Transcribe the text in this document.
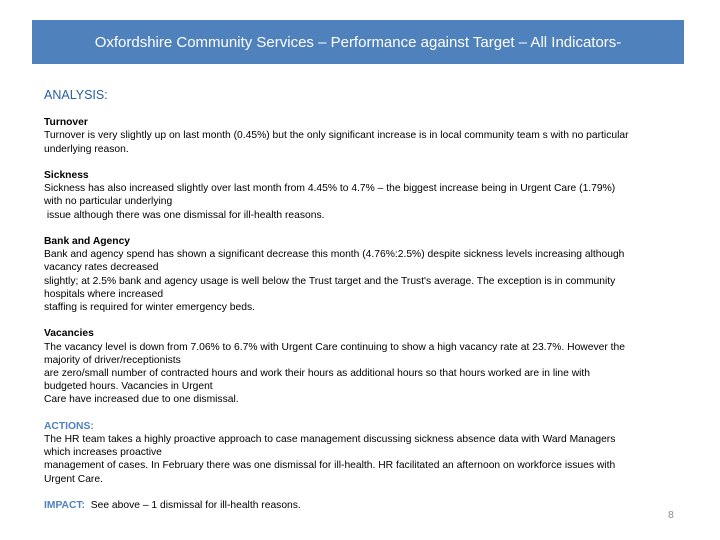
Oxfordshire Community Services – Performance against Target – All Indicators-
ANALYSIS:
Turnover
Turnover is very slightly up on last month (0.45%) but the only significant increase is in local community team s with no particular
underlying reason.
Sickness
Sickness has also increased slightly over last month from 4.45% to 4.7% – the biggest increase being in Urgent Care (1.79%)
with no particular underlying
issue although there was one dismissal for ill-health reasons.
Bank and Agency
Bank and agency spend has shown a significant decrease this month (4.76%:2.5%) despite sickness levels increasing although
vacancy rates decreased
slightly; at 2.5% bank and agency usage is well below the Trust target and the Trust's average. The exception is in community
hospitals where increased
staffing is required for winter emergency beds.
Vacancies
The vacancy level is down from 7.06% to 6.7% with Urgent Care continuing to show a high vacancy rate at 23.7%. However the
majority of driver/receptionists
are zero/small number of contracted hours and work their hours as additional hours so that hours worked are in line with
budgeted hours. Vacancies in Urgent
Care have increased due to one dismissal.
ACTIONS:
The HR team takes a highly proactive approach to case management discussing sickness absence data with Ward Managers
which increases proactive
management of cases. In February there was one dismissal for ill-health. HR facilitated an afternoon on workforce issues with
Urgent Care.
IMPACT: See above – 1 dismissal for ill-health reasons.
8
